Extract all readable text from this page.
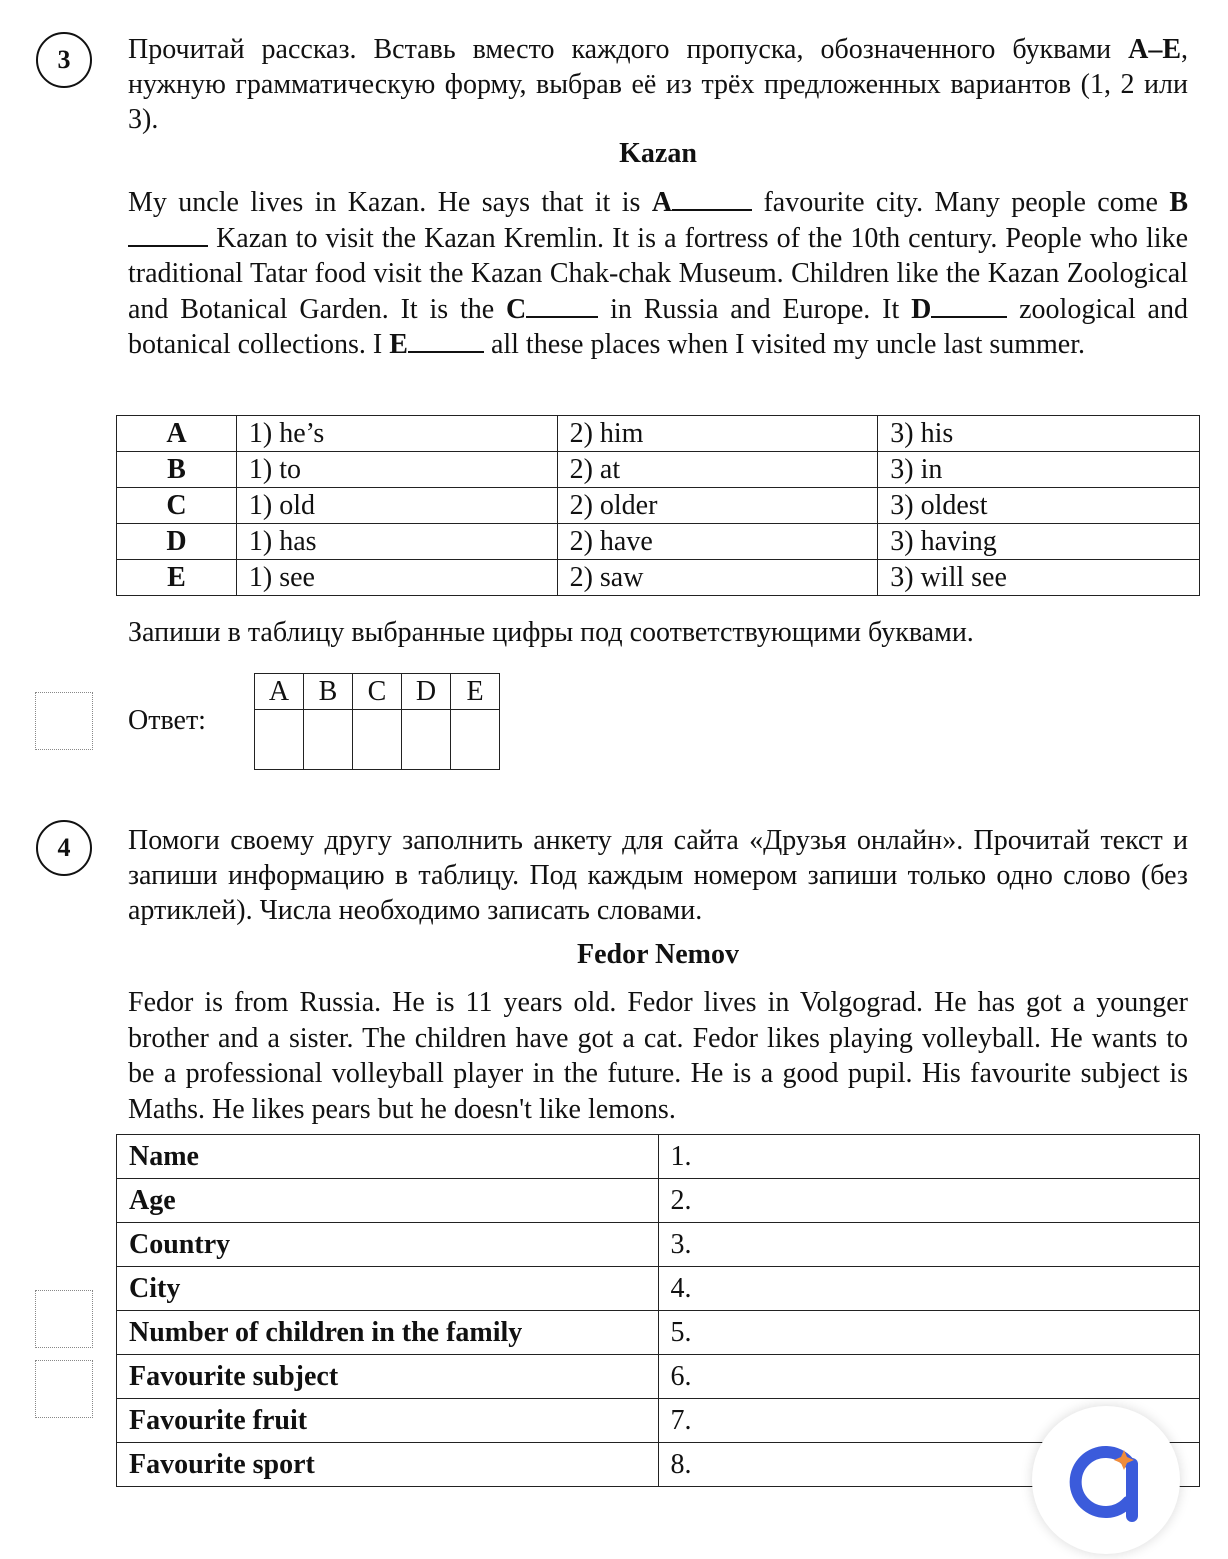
3	Прочитай рассказ. Вставь вместо каждого пропуска, обозначенного буквами A–E, нужную грамматическую форму, выбрав её из трёх предложенных вариантов (1, 2 или 3).
Kazan
My uncle lives in Kazan. He says that it is A	favourite city. Many people come B Kazan to visit the Kazan Kremlin. It is a fortress of the 10th century. People who like traditional Tatar food visit the Kazan Chak-chak Museum. Children like the Kazan Zoological and Botanical Garden. It is the C	in Russia and Europe. It D	zoological and botanical collections. I E	all these places when I visited my uncle last summer.
A	1) he’s	2) him	3) his
B	1) to	2) at	3) in
C	1) old	2) older	3) oldest
D	1) has	2) have	3) having
E	1) see	2) saw	3) will see
Запиши в таблицу выбранные цифры под соответствующими буквами.
Ответ:
A	B	C	D	E

4	Помоги своему другу заполнить анкету для сайта «Друзья онлайн». Прочитай текст и запиши информацию в таблицу. Под каждым номером запиши только одно слово (без артиклей). Числа необходимо записать словами.
Fedor Nemov
Fedor is from Russia. He is 11 years old. Fedor lives in Volgograd. He has got a younger brother and a sister. The children have got a cat. Fedor likes playing volleyball. He wants to be a professional volleyball player in the future. He is a good pupil. His favourite subject is Maths. He likes pears but he doesn't like lemons.
Name	1.
Age	2.
Country	3.
City	4.
Number of children in the family	5.
Favourite subject	6.
Favourite fruit	7.
Favourite sport	8.
